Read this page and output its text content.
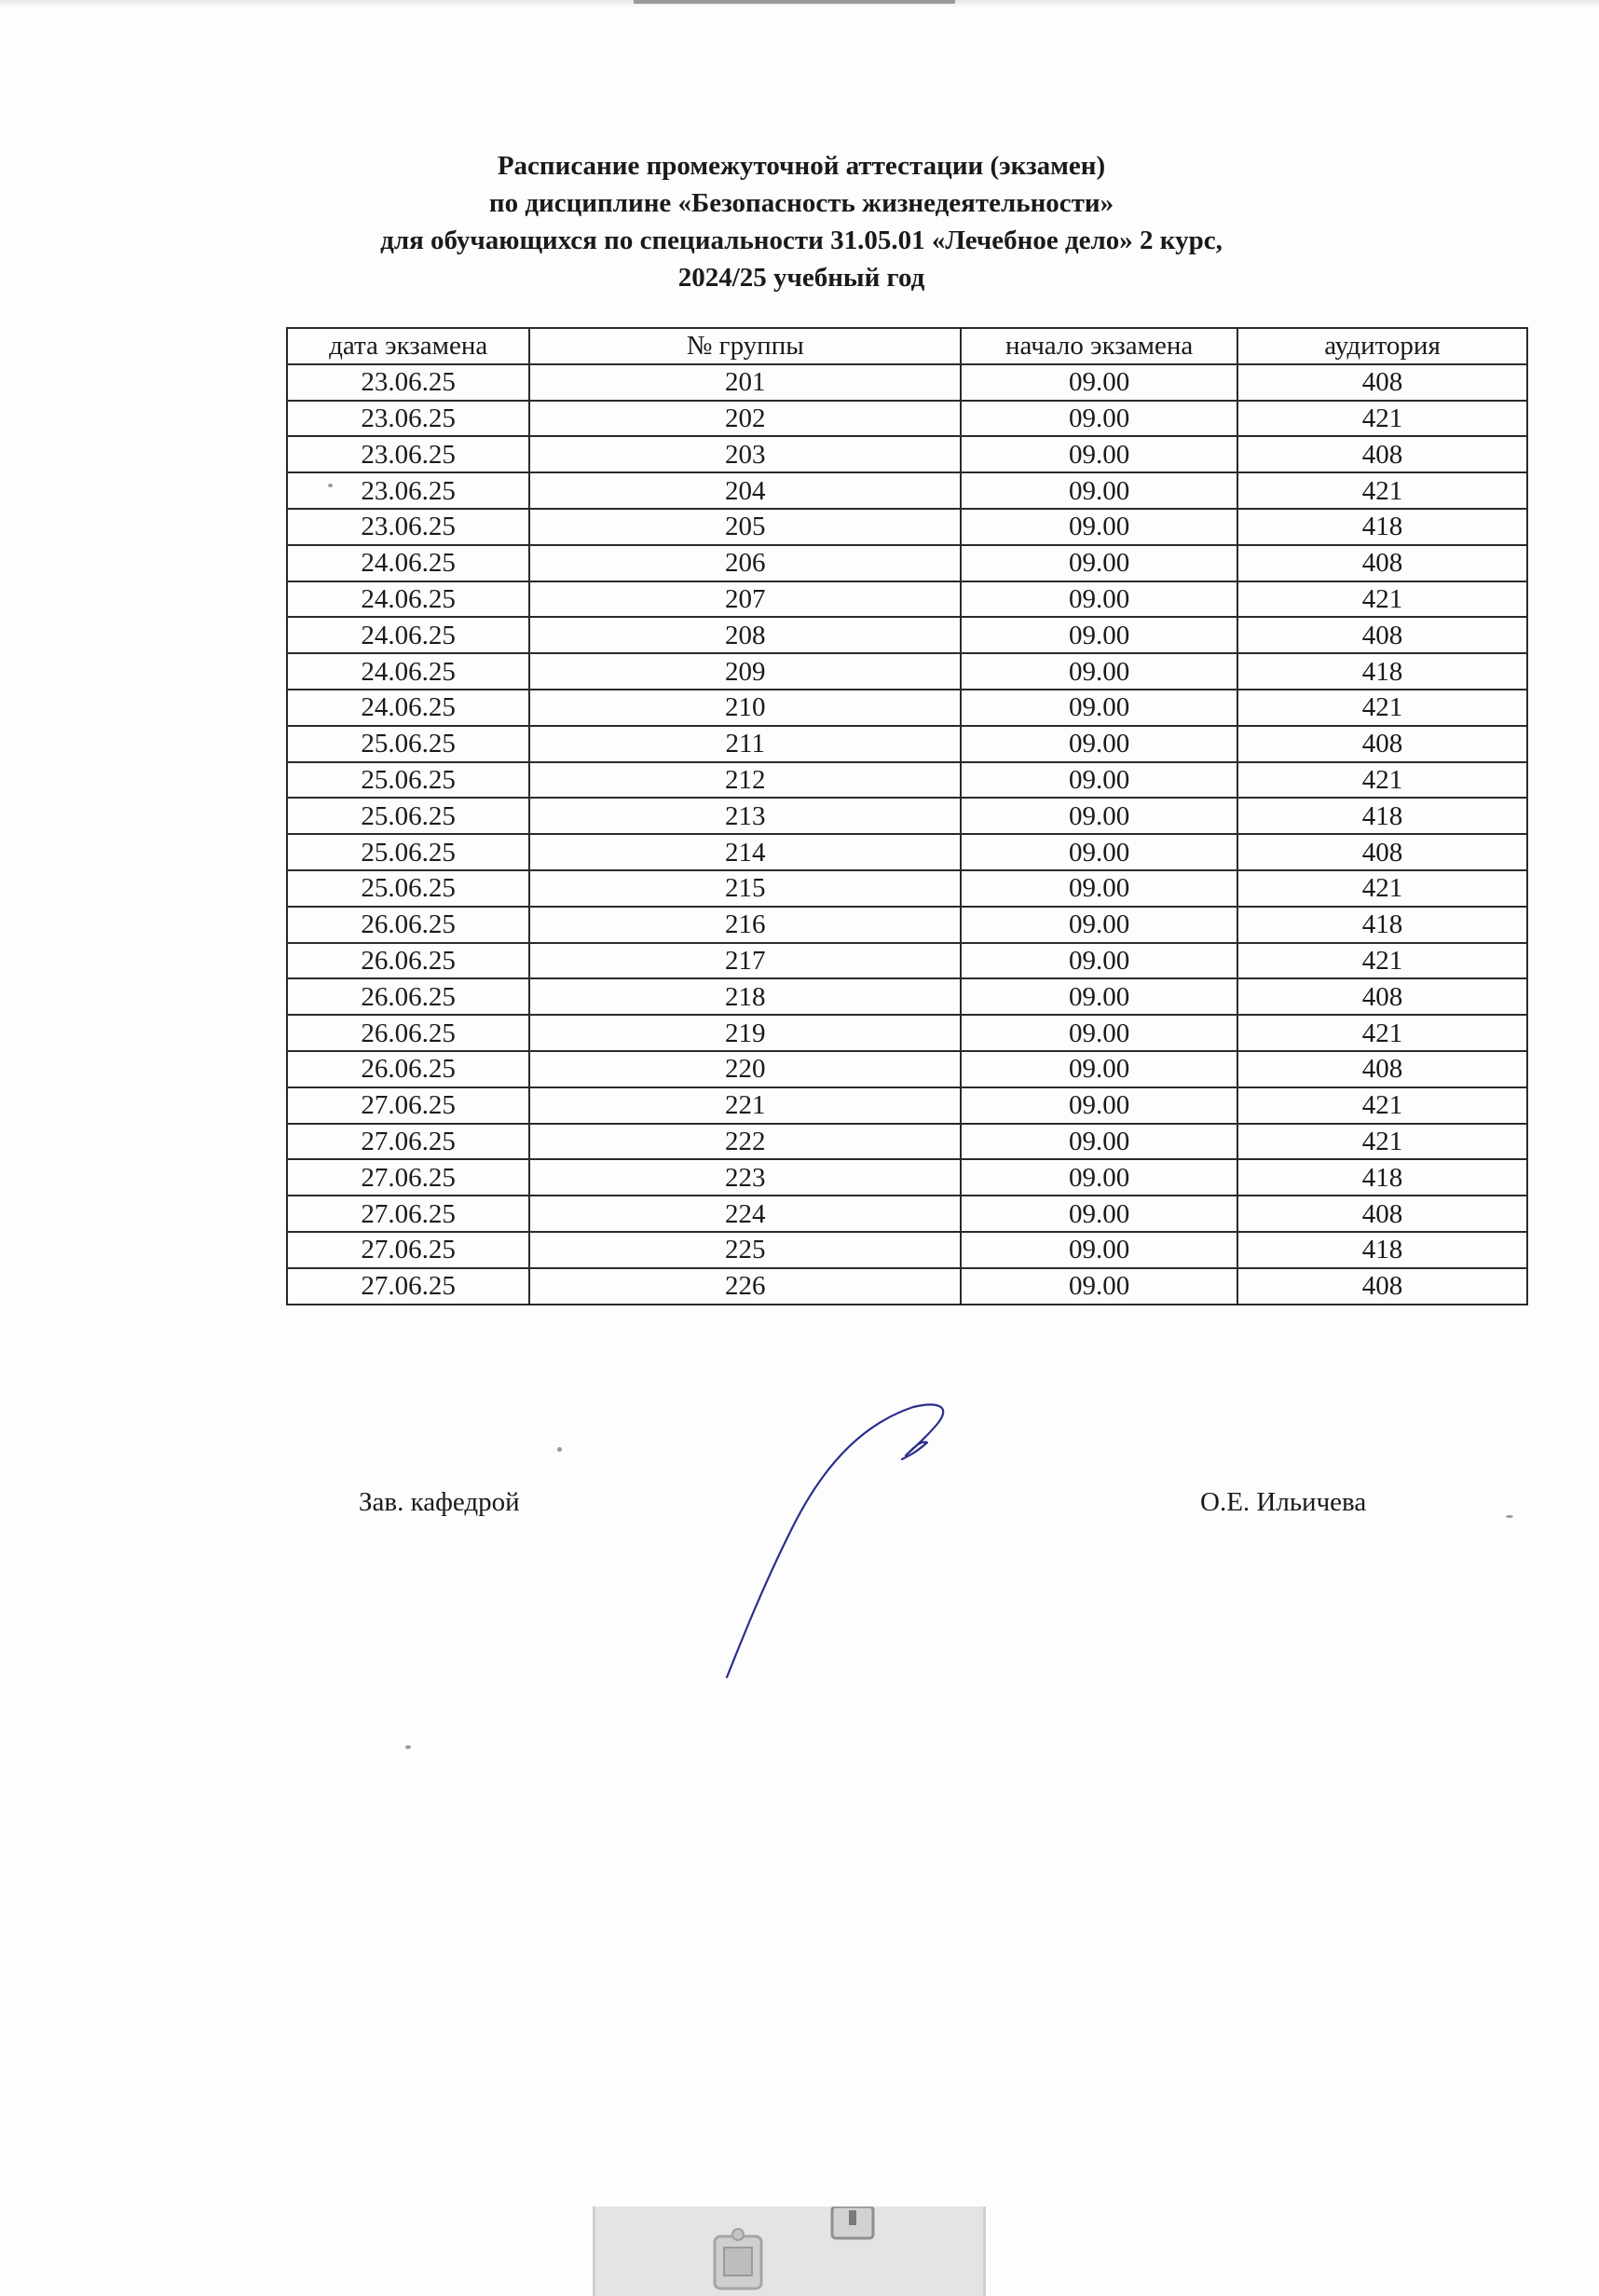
Расписание промежуточной аттестации (экзамен)
по дисциплине «Безопасность жизнедеятельности»
для обучающихся по специальности 31.05.01 «Лечебное дело» 2 курс,
2024/25 учебный год
дата экзамена	№ группы	начало экзамена	аудитория
23.06.25	201	09.00	408
23.06.25	202	09.00	421
23.06.25	203	09.00	408
23.06.25	204	09.00	421
23.06.25	205	09.00	418
24.06.25	206	09.00	408
24.06.25	207	09.00	421
24.06.25	208	09.00	408
24.06.25	209	09.00	418
24.06.25	210	09.00	421
25.06.25	211	09.00	408
25.06.25	212	09.00	421
25.06.25	213	09.00	418
25.06.25	214	09.00	408
25.06.25	215	09.00	421
26.06.25	216	09.00	418
26.06.25	217	09.00	421
26.06.25	218	09.00	408
26.06.25	219	09.00	421
26.06.25	220	09.00	408
27.06.25	221	09.00	421
27.06.25	222	09.00	421
27.06.25	223	09.00	418
27.06.25	224	09.00	408
27.06.25	225	09.00	418
27.06.25	226	09.00	408
Зав. кафедрой	О.Е. Ильичева
